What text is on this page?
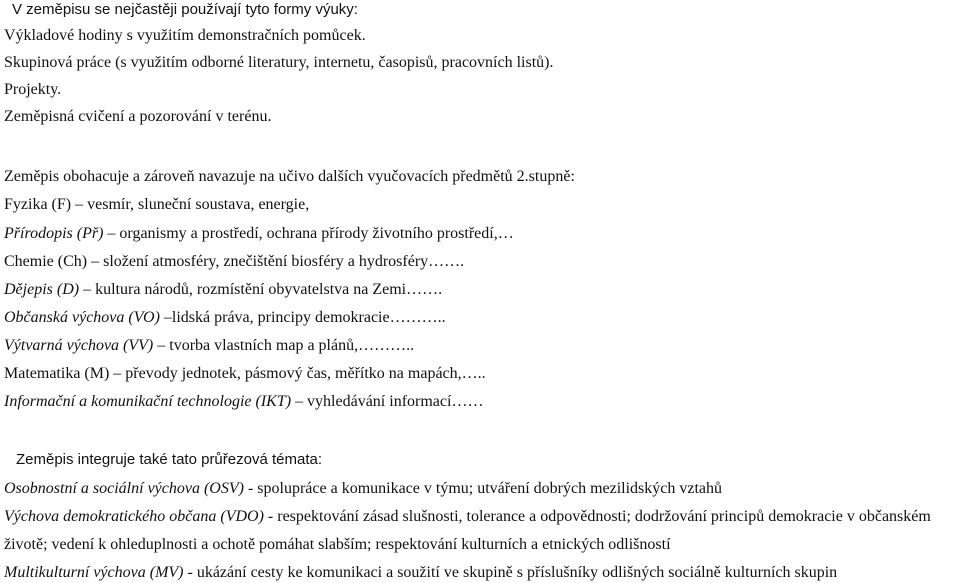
V zeměpisu se nejčastěji používají tyto formy výuky:
Výkladové hodiny s využitím demonstračních pomůcek.
Skupinová práce (s využitím odborné literatury, internetu, časopisů, pracovních listů).
Projekty.
Zeměpisná cvičení a pozorování v terénu.
Zeměpis obohacuje a zároveň navazuje na učivo dalších vyučovacích předmětů 2.stupně:
Fyzika (F) – vesmír, sluneční soustava, energie,
Přírodopis (Př) – organismy a prostředí, ochrana přírody životního prostředí,…
Chemie (Ch) – složení atmosféry, znečištění biosféry a hydrosféry…….
Dějepis (D) – kultura národů, rozmístění obyvatelstva na Zemi…….
Občanská výchova (VO) –lidská práva, principy demokracie………..
Výtvarná výchova (VV) – tvorba vlastních map a plánů,………..
Matematika (M) – převody jednotek, pásmový čas, měřítko na mapách,…..
Informační a komunikační technologie (IKT) – vyhledávání informací……
Zeměpis integruje také tato průřezová témata:
Osobnostní a sociální výchova (OSV) - spolupráce a komunikace v týmu; utváření dobrých mezilidských vztahů
Výchova demokratického občana (VDO) - respektování zásad slušnosti, tolerance a odpovědnosti; dodržování principů demokracie v občanském
životě; vedení k ohleduplnosti a ochotě pomáhat slabším; respektování kulturních a etnických odlišností
Multikulturní výchova (MV) - ukázání cesty ke komunikaci a soužití ve skupině s příslušníky odlišných sociálně kulturních skupin
